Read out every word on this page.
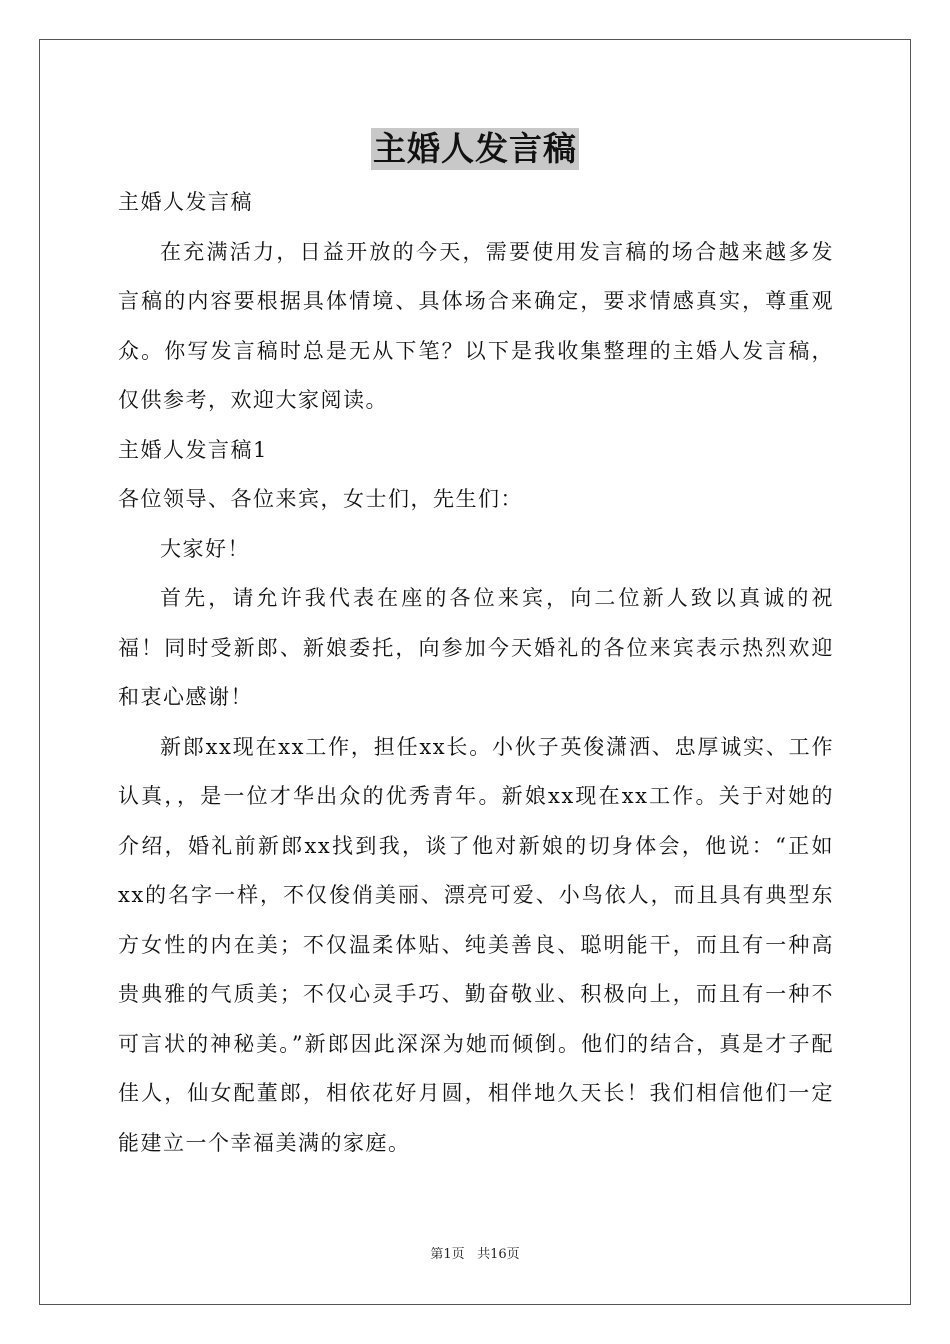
主婚人发言稿

主婚人发言稿

在充满活力，日益开放的今天，需要使用发言稿的场合越来越多发言稿的内容要根据具体情境、具体场合来确定，要求情感真实，尊重观众。你写发言稿时总是无从下笔？以下是我收集整理的主婚人发言稿，仅供参考，欢迎大家阅读。

主婚人发言稿1

各位领导、各位来宾，女士们，先生们：

大家好！

首先，请允许我代表在座的各位来宾，向二位新人致以真诚的祝福！同时受新郎、新娘委托，向参加今天婚礼的各位来宾表示热烈欢迎和衷心感谢！

新郎xx现在xx工作，担任xx长。小伙子英俊潇洒、忠厚诚实、工作认真，，是一位才华出众的优秀青年。新娘xx现在xx工作。关于对她的介绍，婚礼前新郎xx找到我，谈了他对新娘的切身体会，他说：“正如xx的名字一样，不仅俊俏美丽、漂亮可爱、小鸟依人，而且具有典型东方女性的内在美；不仅温柔体贴、纯美善良、聪明能干，而且有一种高贵典雅的气质美；不仅心灵手巧、勤奋敬业、积极向上，而且有一种不可言状的神秘美。”新郎因此深深为她而倾倒。他们的结合，真是才子配佳人，仙女配董郎，相依花好月圆，相伴地久天长！我们相信他们一定能建立一个幸福美满的家庭。

第1页 共16页
